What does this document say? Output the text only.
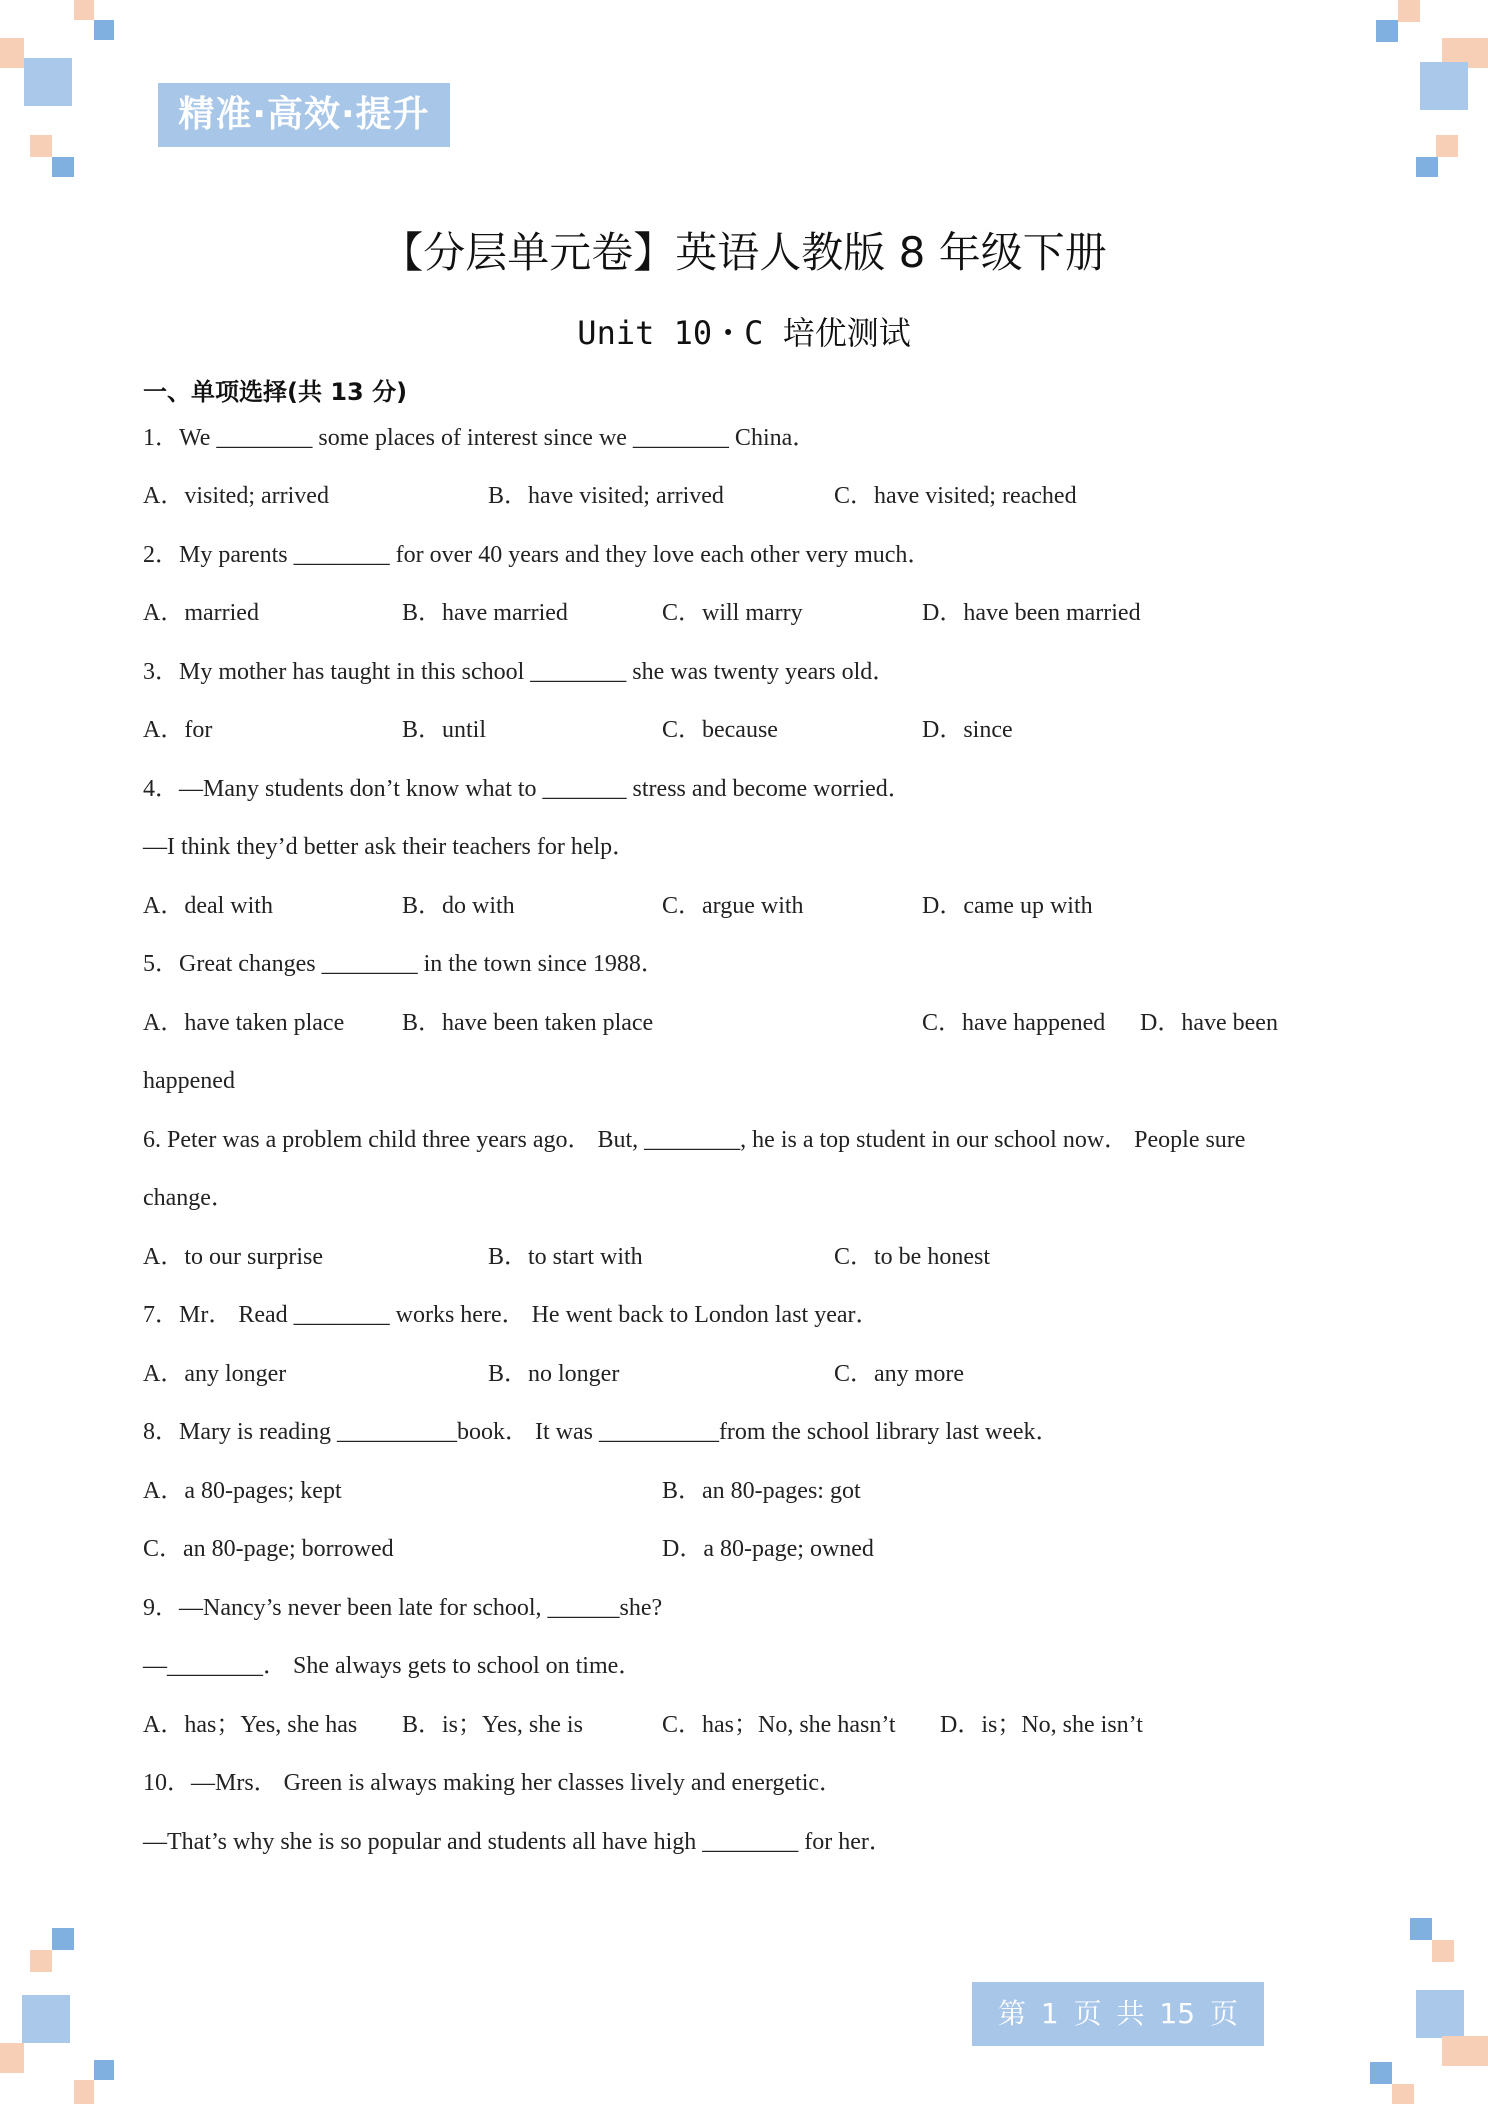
精准·高效·提升
【分层单元卷】英语人教版 8 年级下册
Unit 10・C 培优测试
一、单项选择(共 13 分)
1．We ________ some places of interest since we ________ China．
A．visited; arrived	B．have visited; arrived	C．have visited; reached
2．My parents ________ for over 40 years and they love each other very much．
A．married	B．have married	C．will marry	D．have been married
3．My mother has taught in this school ________ she was twenty years old．
A．for	B．until	C．because	D．since
4．—Many students don’t know what to _______ stress and become worried．
—I think they’d better ask their teachers for help．
A．deal with	B．do with	C．argue with	D．came up with
5．Great changes ________ in the town since 1988．
A．have taken place B．have been taken place	C．have happened D．have been
happened
6. Peter was a problem child three years ago． But, ________, he is a top student in our school now． People sure
change．
A．to our surprise	B．to start with	C．to be honest
7．Mr． Read ________ works here． He went back to London last year．
A．any longer	B．no longer	C．any more
8．Mary is reading __________book． It was __________from the school library last week．
A．a 80-pages; kept	B．an 80-pages: got
C．an 80-page; borrowed	D．a 80-page; owned
9．—Nancy’s never been late for school, ______she?
—________． She always gets to school on time．
A．has；Yes, she has B．is；Yes, she is	C．has；No, she hasn’t D．is；No, she isn’t
10．—Mrs． Green is always making her classes lively and energetic．
—That’s why she is so popular and students all have high ________ for her．
第 1 页 共 15 页
